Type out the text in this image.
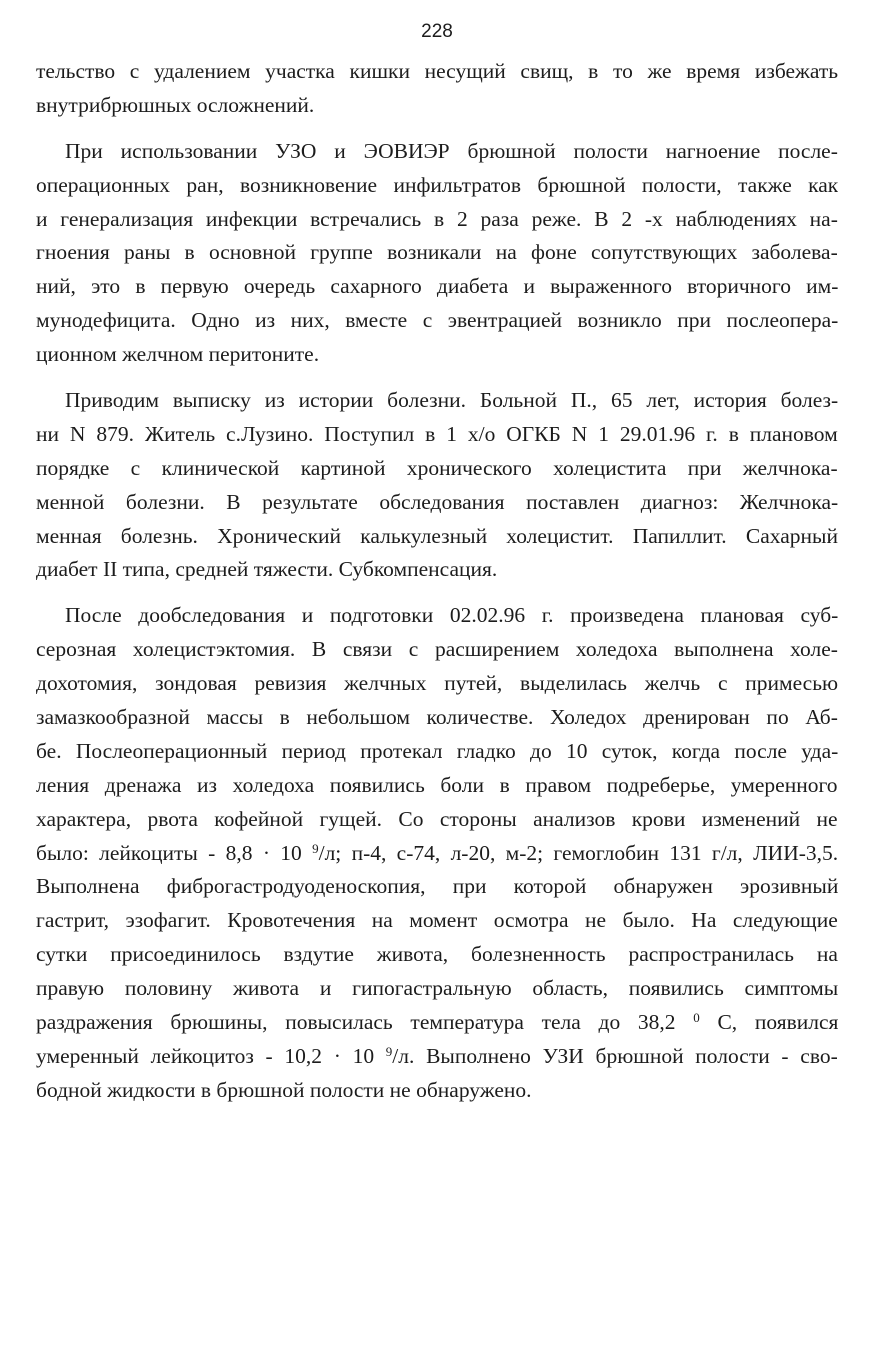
228
тельство с удалением участка кишки несущий свищ, в то же время избежать
внутрибрюшных осложнений.
При использовании УЗО и ЭОВИЭР брюшной полости нагноение после-
операционных ран, возникновение инфильтратов брюшной полости, также как
и генерализация инфекции встречались в 2 раза реже. В 2 -х наблюдениях на-
гноения раны в основной группе возникали на фоне сопутствующих заболева-
ний, это в первую очередь сахарного диабета и выраженного вторичного им-
мунодефицита. Одно из них, вместе с эвентрацией возникло при послеопера-
ционном желчном перитоните.
Приводим выписку из истории болезни. Больной П., 65 лет, история болез-
ни N 879. Житель с.Лузино. Поступил в 1 х/о ОГКБ N 1 29.01.96 г. в плановом
порядке с клинической картиной хронического холецистита при желчнока-
менной болезни. В результате обследования поставлен диагноз: Желчнока-
менная болезнь. Хронический калькулезный холецистит. Папиллит. Сахарный
диабет II типа, средней тяжести. Субкомпенсация.
После дообследования и подготовки 02.02.96 г. произведена плановая суб-
серозная холецистэктомия. В связи с расширением холедоха выполнена холе-
дохотомия, зондовая ревизия желчных путей, выделилась желчь с примесью
замазкообразной массы в небольшом количестве. Холедох дренирован по Аб-
бе. Послеоперационный период протекал гладко до 10 суток, когда после уда-
ления дренажа из холедоха появились боли в правом подреберье, умеренного
характера, рвота кофейной гущей. Со стороны анализов крови изменений не
было: лейкоциты - 8,8 · 10 $^9$/л; п-4, с-74, л-20, м-2; гемоглобин 131 г/л, ЛИИ-3,5.
Выполнена фиброгастродуоденоскопия, при которой обнаружен эрозивный
гастрит, эзофагит. Кровотечения на момент осмотра не было. На следующие
сутки присоединилось вздутие живота, болезненность распространилась на
правую половину живота и гипогастральную область, появились симптомы
раздражения брюшины, повысилась температура тела до 38,2 $^0$ С, появился
умеренный лейкоцитоз - 10,2 · 10 $^9$/л. Выполнено УЗИ брюшной полости - сво-
бодной жидкости в брюшной полости не обнаружено.
